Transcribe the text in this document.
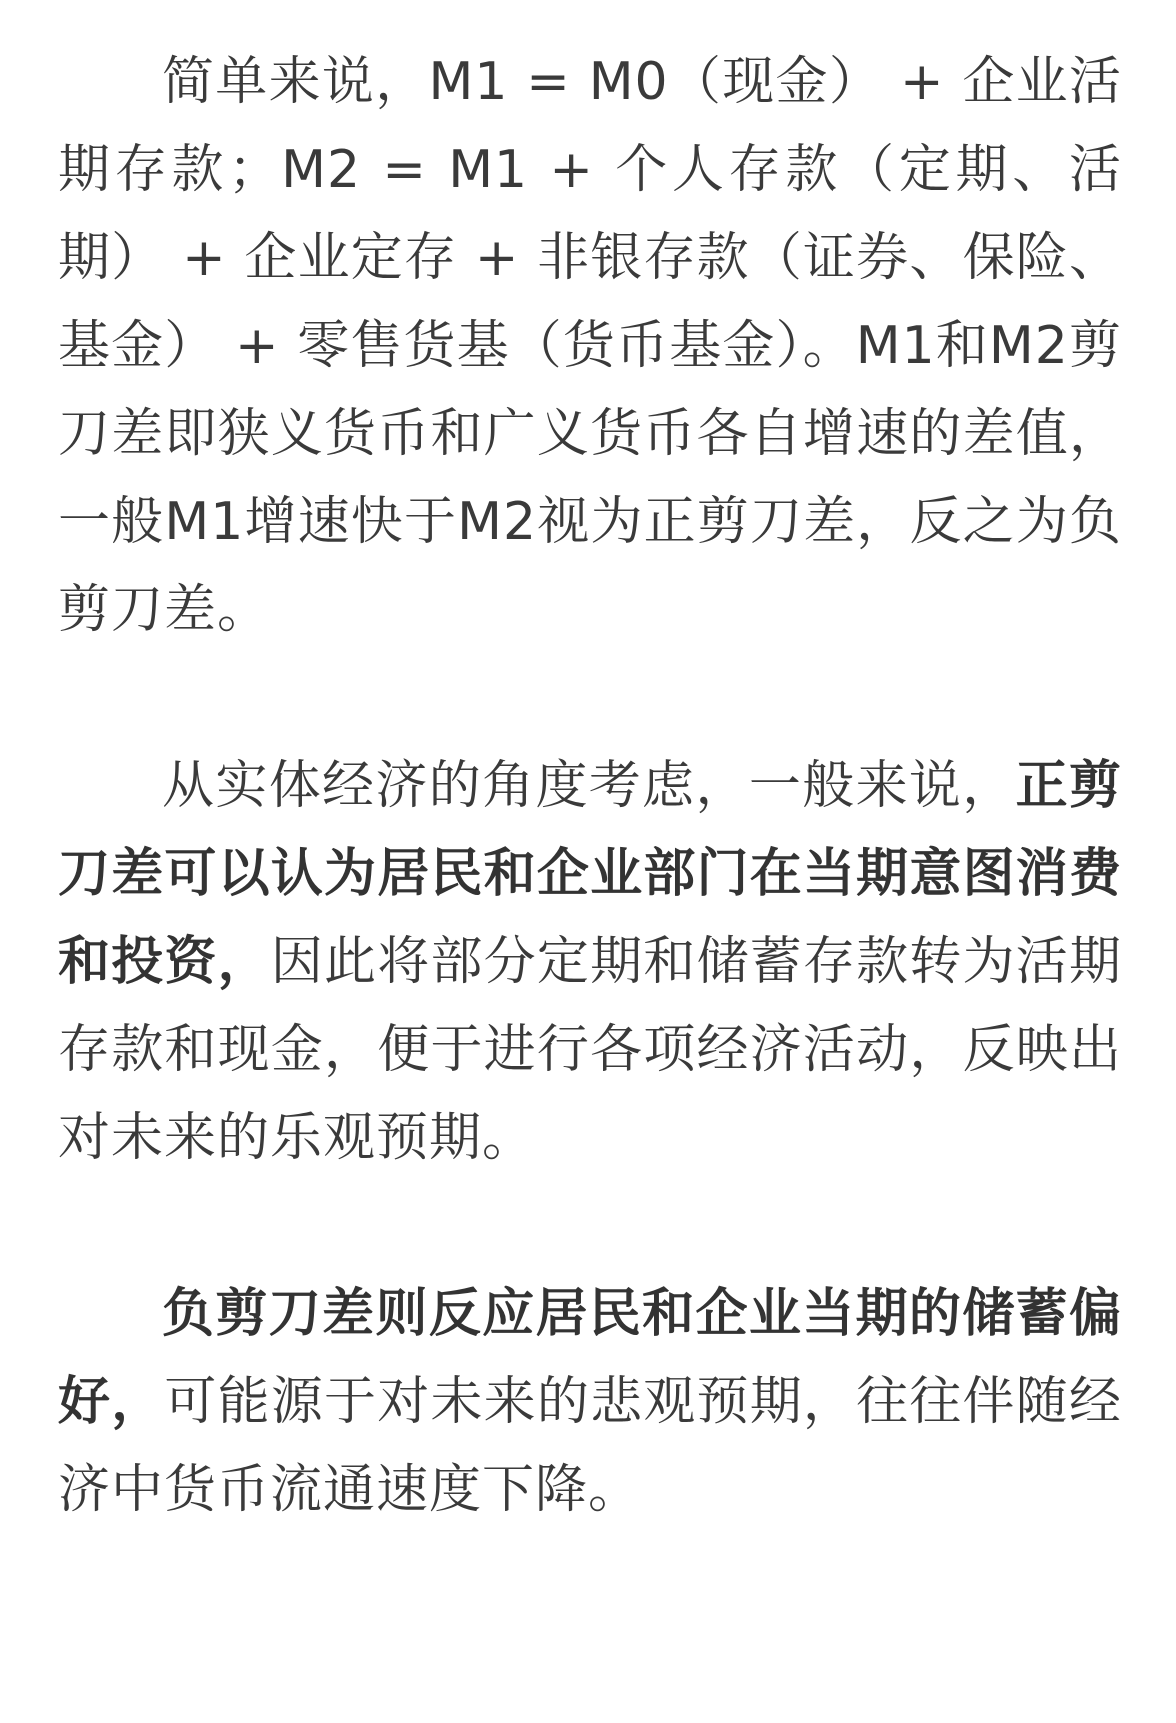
简单来说，M1 = M0（现金） + 企业活期存款；M2 = M1 + 个人存款（定期、活期） + 企业定存 + 非银存款（证券、保险、基金） + 零售货基（货币基金）。M1和M2剪刀差即狭义货币和广义货币各自增速的差值，一般M1增速快于M2视为正剪刀差，反之为负剪刀差。

从实体经济的角度考虑，一般来说，正剪刀差可以认为居民和企业部门在当期意图消费和投资，因此将部分定期和储蓄存款转为活期存款和现金，便于进行各项经济活动，反映出对未来的乐观预期。

负剪刀差则反应居民和企业当期的储蓄偏好，可能源于对未来的悲观预期，往往伴随经济中货币流通速度下降。
